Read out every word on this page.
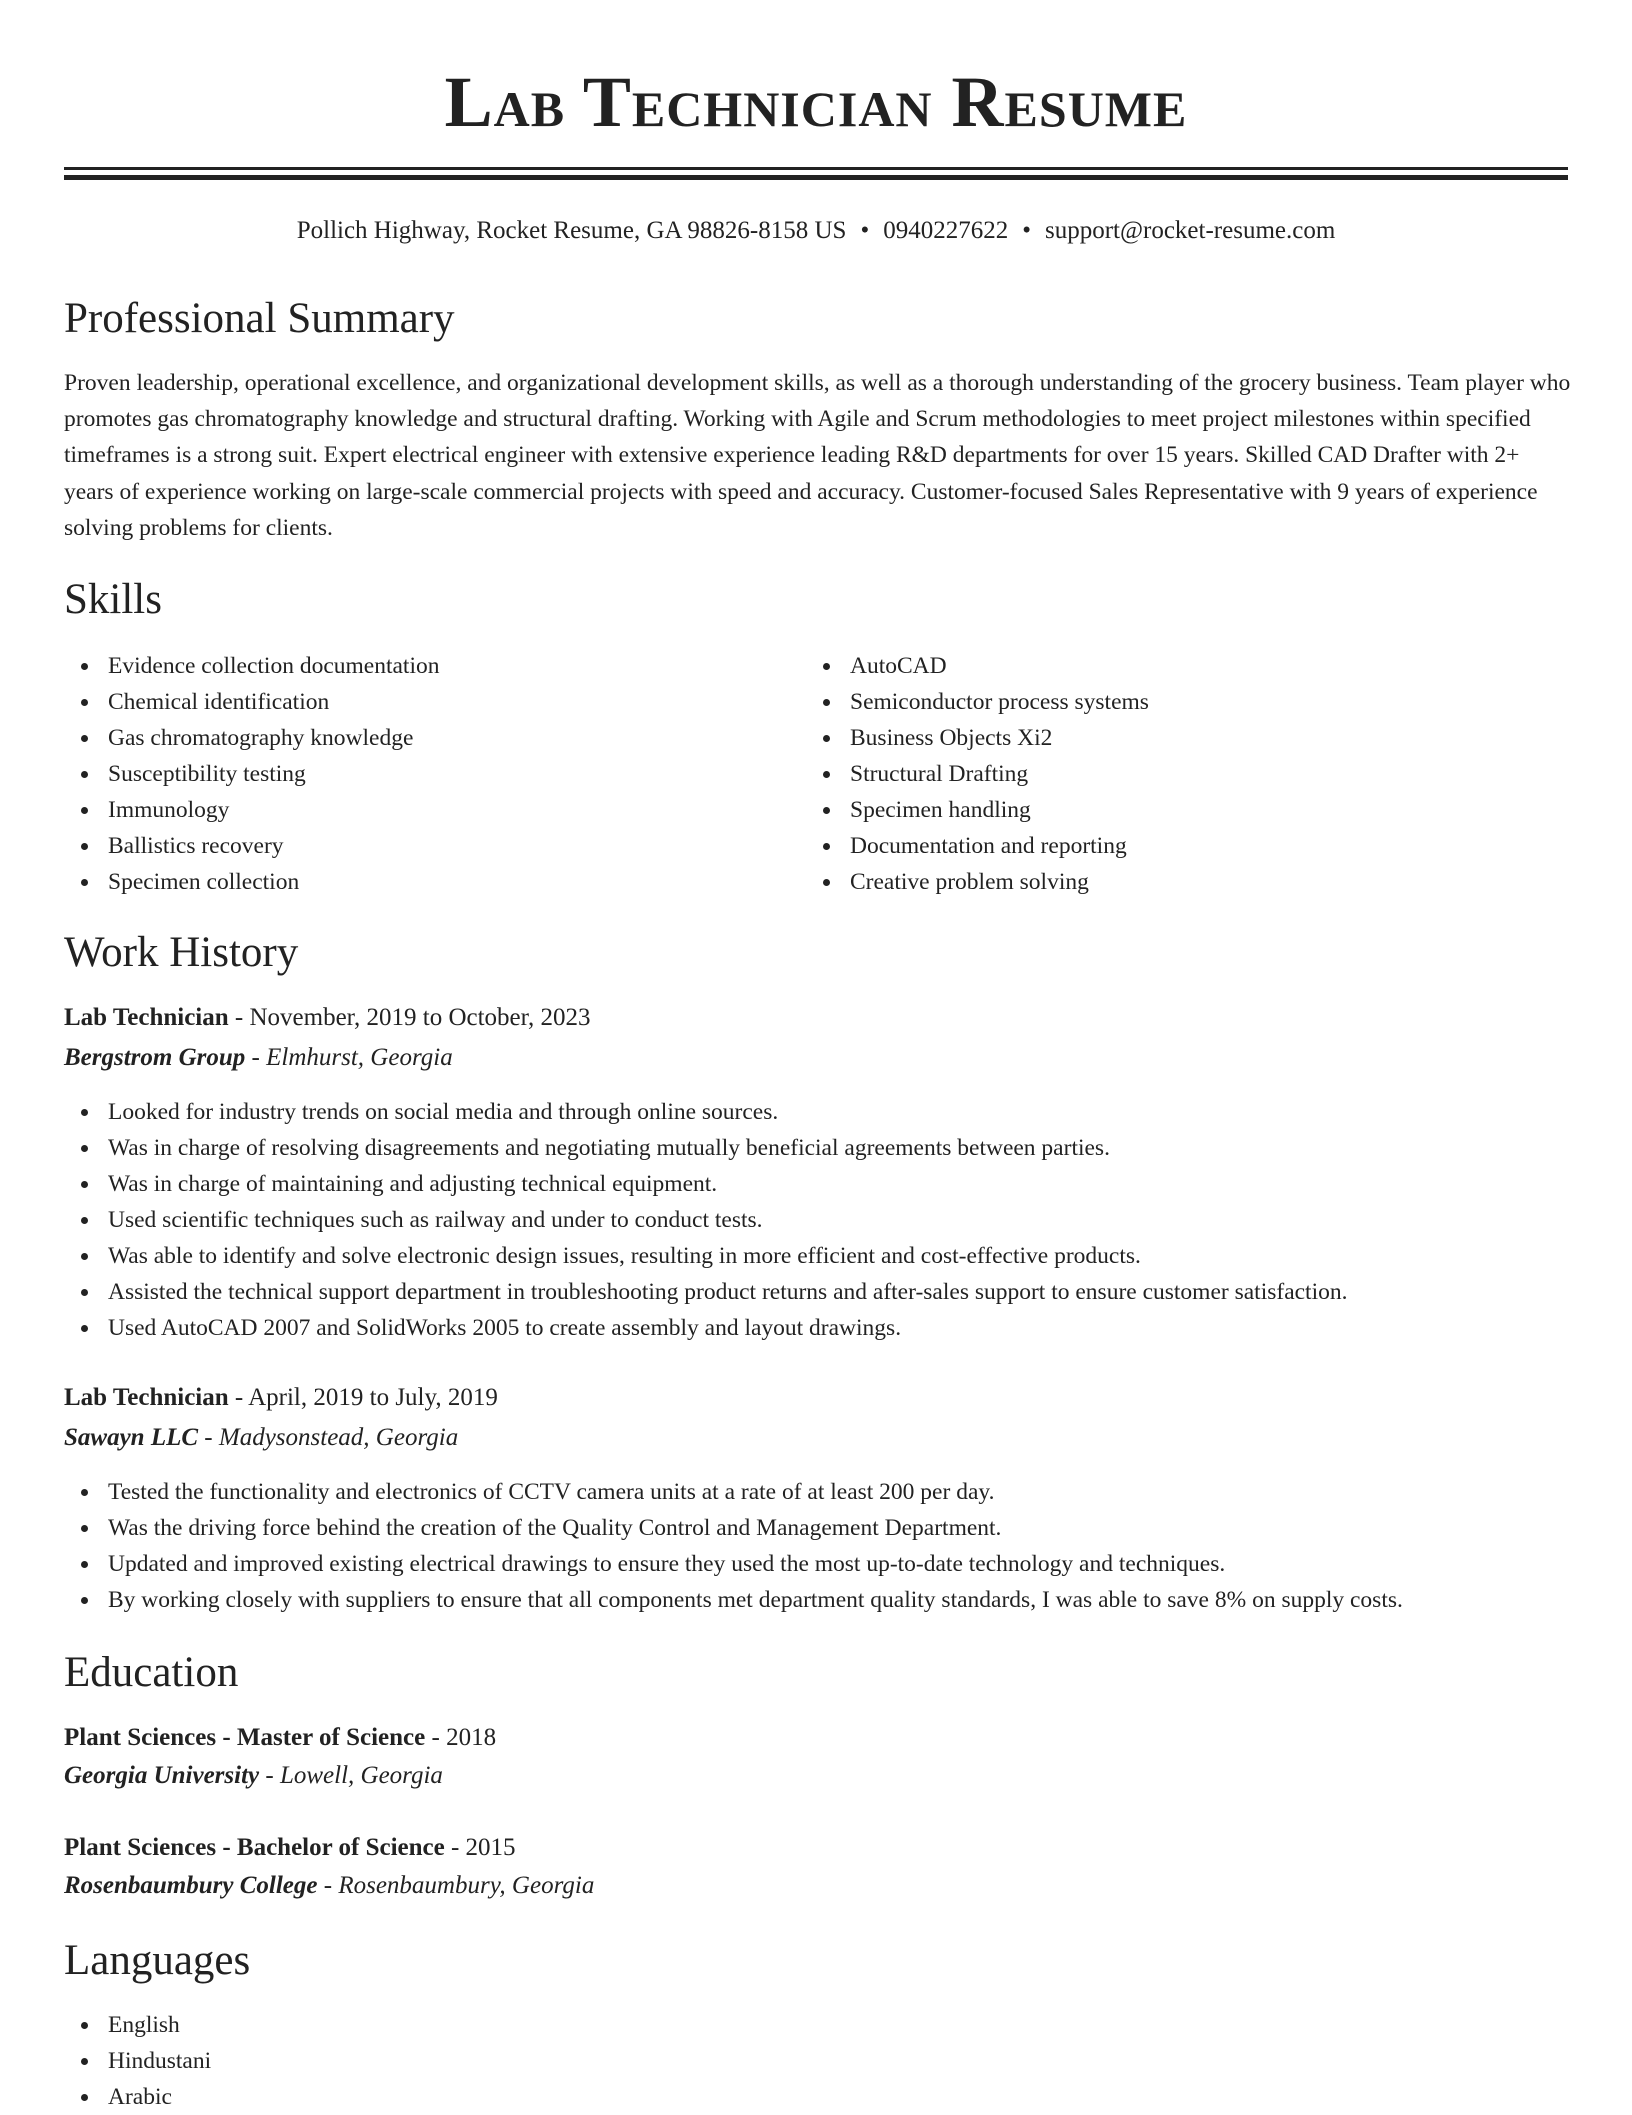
Lab Technician Resume
Pollich Highway, Rocket Resume, GA 98826-8158 US • 0940227622 • support@rocket-resume.com
Professional Summary

Proven leadership, operational excellence, and organizational development skills, as well as a thorough understanding of the grocery business. Team player who promotes gas chromatography knowledge and structural drafting. Working with Agile and Scrum methodologies to meet project milestones within specified timeframes is a strong suit. Expert electrical engineer with extensive experience leading R&D departments for over 15 years. Skilled CAD Drafter with 2+ years of experience working on large-scale commercial projects with speed and accuracy. Customer-focused Sales Representative with 9 years of experience solving problems for clients.

Skills
Evidence collection documentation
Chemical identification
Gas chromatography knowledge
Susceptibility testing
Immunology
Ballistics recovery
Specimen collection
AutoCAD
Semiconductor process systems
Business Objects Xi2
Structural Drafting
Specimen handling
Documentation and reporting
Creative problem solving
Work History
Lab Technician - November, 2019 to October, 2023
Bergstrom Group - Elmhurst, Georgia
Looked for industry trends on social media and through online sources.
Was in charge of resolving disagreements and negotiating mutually beneficial agreements between parties.
Was in charge of maintaining and adjusting technical equipment.
Used scientific techniques such as railway and under to conduct tests.
Was able to identify and solve electronic design issues, resulting in more efficient and cost-effective products.
Assisted the technical support department in troubleshooting product returns and after-sales support to ensure customer satisfaction.
Used AutoCAD 2007 and SolidWorks 2005 to create assembly and layout drawings.
Lab Technician - April, 2019 to July, 2019
Sawayn LLC - Madysonstead, Georgia
Tested the functionality and electronics of CCTV camera units at a rate of at least 200 per day.
Was the driving force behind the creation of the Quality Control and Management Department.
Updated and improved existing electrical drawings to ensure they used the most up-to-date technology and techniques.
By working closely with suppliers to ensure that all components met department quality standards, I was able to save 8% on supply costs.
Education
Plant Sciences - Master of Science - 2018
Georgia University - Lowell, Georgia
Plant Sciences - Bachelor of Science - 2015
Rosenbaumbury College - Rosenbaumbury, Georgia
Languages
English
Hindustani
Arabic
